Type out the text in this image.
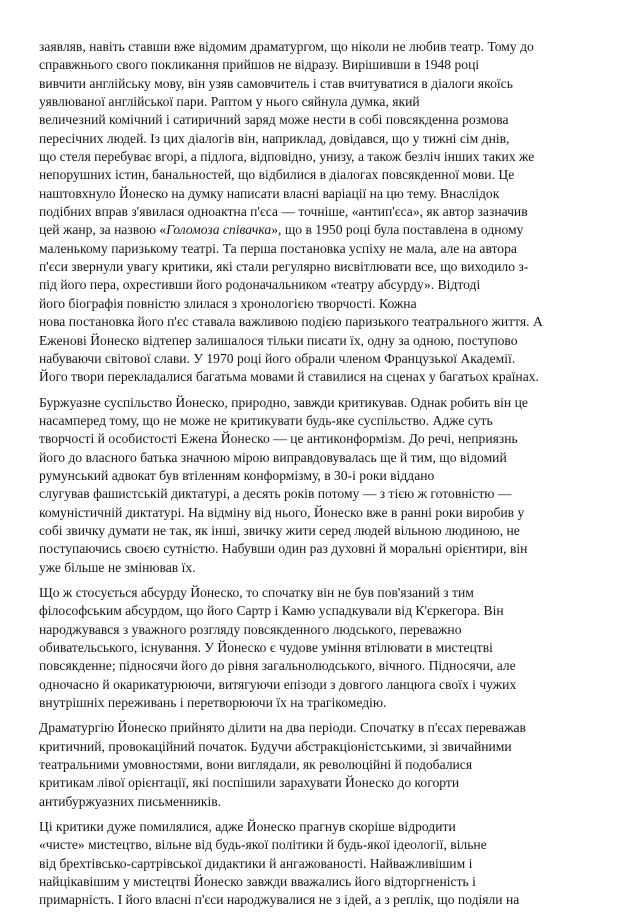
заявляв, навіть ставши вже відомим драматургом, що ніколи не любив театр. Тому до
справжнього свого покликання прийшов не відразу. Вирішивши в 1948 році
вивчити англійську мову, він узяв самовчитель і став вчитуватися в діалоги якоїсь
уявлюваної англійської пари. Раптом у нього сяйнула думка, який
величезний комічний і сатиричний заряд може нести в собі повсякденна розмова
пересічних людей. Із цих діалогів він, наприклад, довідався, що у тижні сім днів,
що стеля перебуває вгорі, а підлога, відповідно, унизу, а також безліч інших таких же
непорушних істин, банальностей, що відбилися в діалогах повсякденної мови. Це
наштовхнуло Йонеско на думку написати власні варіації на цю тему. Внаслідок
подібних вправ з'явилася одноактна п'єса — точніше, «антип'єса», як автор зазначив
цей жанр, за назвою «Голомоза співачка», що в 1950 році була поставлена в одному
маленькому паризькому театрі. Та перша постановка успіху не мала, але на автора
п'єси звернули увагу критики, які стали регулярно висвітлювати все, що виходило з-
під його пера, охрестивши його родоначальником «театру абсурду». Відтоді
його біографія повністю злилася з хронологією творчості. Кожна
нова постановка його п'єс ставала важливою подією паризького театрального життя. А
Еженові Йонеско відтепер залишалося тільки писати їх, одну за одною, поступово
набуваючи світової слави. У 1970 році його обрали членом Французької Академії.
Його твори перекладалися багатьма мовами й ставилися на сценах у багатьох країнах.

Буржуазне суспільство Йонеско, природно, завжди критикував. Однак робить він це
насамперед тому, що не може не критикувати будь-яке суспільство. Адже суть
творчості й особистості Ежена Йонеско — це антиконформізм. До речі, неприязнь
його до власного батька значною мірою виправдовувалась ще й тим, що відомий
румунський адвокат був втіленням конформізму, в 30-і роки віддано
слугував фашистській диктатурі, а десять років потому — з тією ж готовністю —
комуністичній диктатурі. На відміну від нього, Йонеско вже в ранні роки виробив у
собі звичку думати не так, як інші, звичку жити серед людей вільною людиною, не
поступаючись своєю сутністю. Набувши один раз духовні й моральні орієнтири, він
уже більше не змінював їх.

Що ж стосується абсурду Йонеско, то спочатку він не був пов'язаний з тим
філософським абсурдом, що його Сартр і Камю успадкували від К'єркегора. Він
народжувався з уважного розгляду повсякденного людського, переважно
обивательського, існування. У Йонеско є чудове уміння втілювати в мистецтві
повсякденне; підносячи його до рівня загальнолюдського, вічного. Підносячи, але
одночасно й окарикатурюючи, витягуючи епізоди з довгого ланцюга своїх і чужих
внутрішніх переживань і перетворюючи їх на трагікомедію.

Драматургію Йонеско прийнято ділити на два періоди. Спочатку в п'єсах переважав
критичний, провокаційний початок. Будучи абстракціоністськими, зі звичайними
театральними умовностями, вони виглядали, як революційні й подобалися
критикам лівої орієнтації, які поспішили зарахувати Йонеско до когорти
антибуржуазних письменників.

Ці критики дуже помилялися, адже Йонеско прагнув скоріше відродити
«чисте» мистецтво, вільне від будь-якої політики й будь-якої ідеології, вільне
від брехтівсько-сартрівської дидактики й ангажованості. Найважливішим і
найцікавішим у мистецтві Йонеско завжди вважались його відторгненість і
примарність. І його власні п'єси народжувалися не з ідей, а з реплік, що подіяли на
